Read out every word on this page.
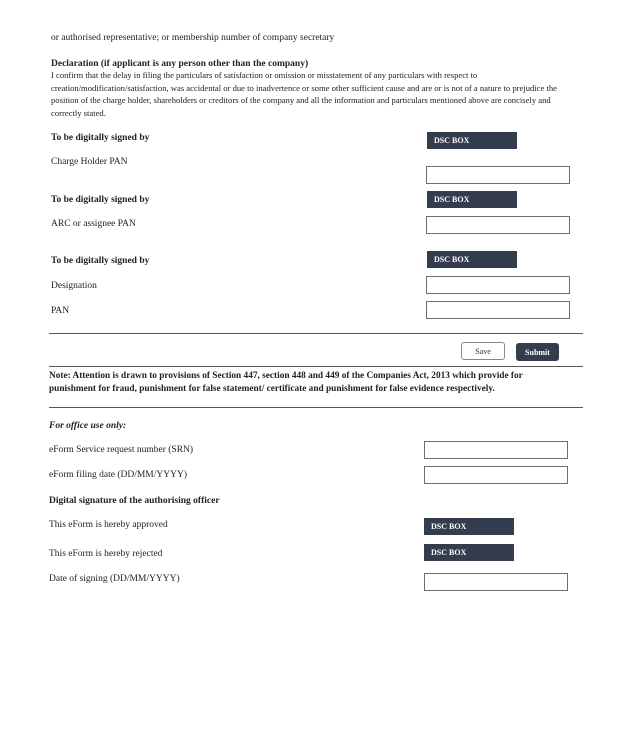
or authorised representative; or membership number of company secretary
Declaration (if applicant is any person other than the company)
I confirm that the delay in filing the particulars of satisfaction or omission or misstatement of any particulars with respect to creation/modification/satisfaction, was accidental or due to inadvertence or some other sufficient cause and are or is not of a nature to prejudice the position of the charge holder, shareholders or creditors of the company and all the information and particulars mentioned above are concisely and correctly stated.
To be digitally signed by	DSC BOX
Charge Holder PAN
To be digitally signed by	DSC BOX
ARC or assignee PAN
To be digitally signed by	DSC BOX
Designation
PAN
Save	Submit
Note: Attention is drawn to provisions of Section 447, section 448 and 449 of the Companies Act, 2013 which provide for punishment for fraud, punishment for false statement/ certificate and punishment for false evidence respectively.
For office use only:
eForm Service request number (SRN)
eForm filing date (DD/MM/YYYY)
Digital signature of the authorising officer
This eForm is hereby approved	DSC BOX
This eForm is hereby rejected	DSC BOX
Date of signing (DD/MM/YYYY)
